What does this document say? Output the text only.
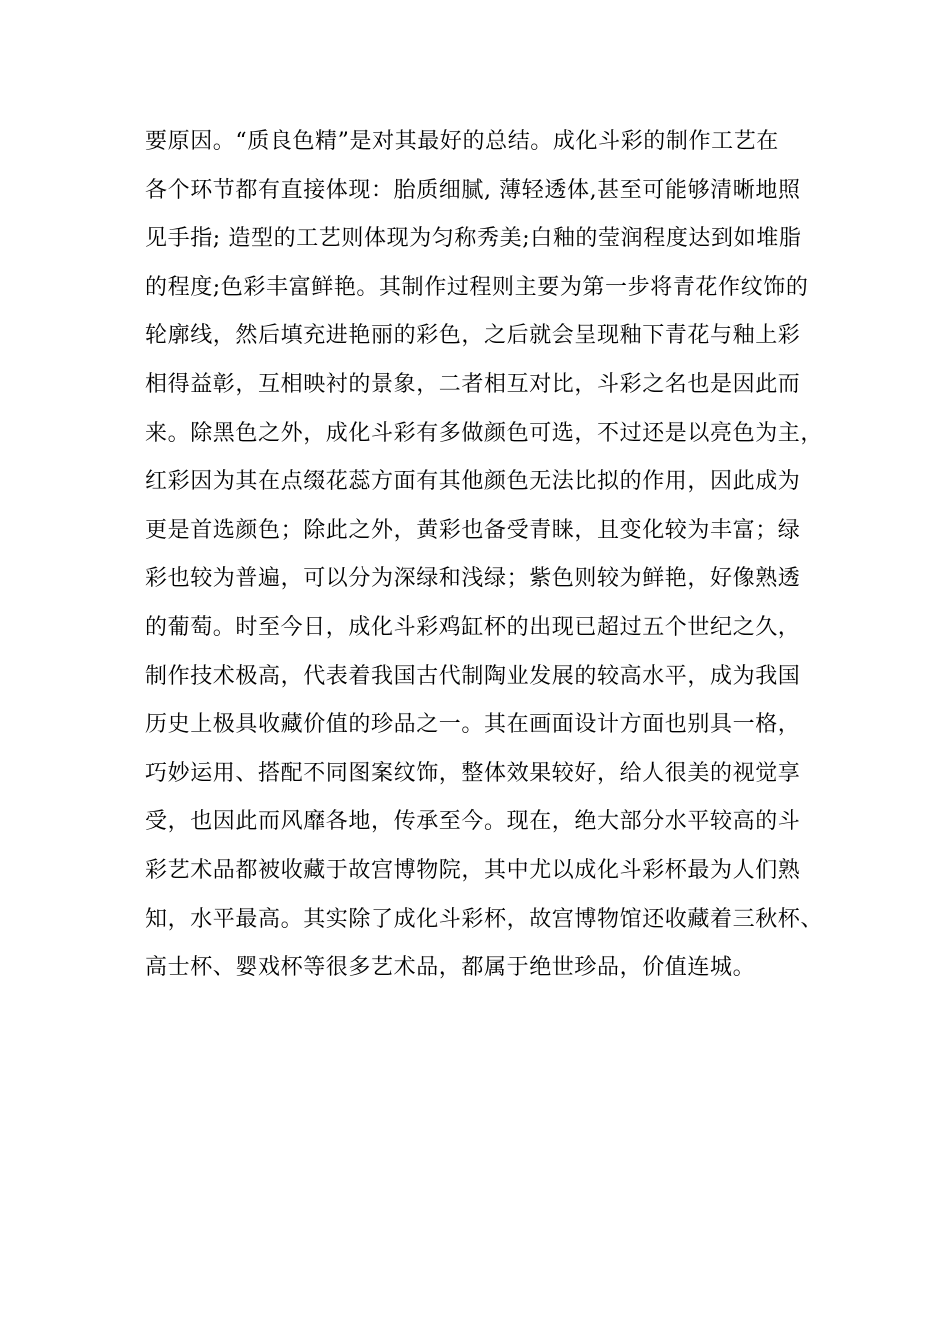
要原因。“质良色精”是对其最好的总结。成化斗彩的制作工艺在
各个环节都有直接体现：胎质细腻, 薄轻透体,甚至可能够清晰地照
见手指; 造型的工艺则体现为匀称秀美;白釉的莹润程度达到如堆脂
的程度;色彩丰富鲜艳。其制作过程则主要为第一步将青花作纹饰的
轮廓线，然后填充进艳丽的彩色，之后就会呈现釉下青花与釉上彩
相得益彰，互相映衬的景象，二者相互对比，斗彩之名也是因此而
来。除黑色之外，成化斗彩有多做颜色可选，不过还是以亮色为主，
红彩因为其在点缀花蕊方面有其他颜色无法比拟的作用，因此成为
更是首选颜色；除此之外，黄彩也备受青睐，且变化较为丰富；绿
彩也较为普遍，可以分为深绿和浅绿；紫色则较为鲜艳，好像熟透
的葡萄。时至今日，成化斗彩鸡缸杯的出现已超过五个世纪之久，
制作技术极高，代表着我国古代制陶业发展的较高水平，成为我国
历史上极具收藏价值的珍品之一。其在画面设计方面也别具一格，
巧妙运用、搭配不同图案纹饰，整体效果较好，给人很美的视觉享
受，也因此而风靡各地，传承至今。现在，绝大部分水平较高的斗
彩艺术品都被收藏于故宫博物院，其中尤以成化斗彩杯最为人们熟
知，水平最高。其实除了成化斗彩杯，故宫博物馆还收藏着三秋杯、
高士杯、婴戏杯等很多艺术品，都属于绝世珍品，价值连城。
